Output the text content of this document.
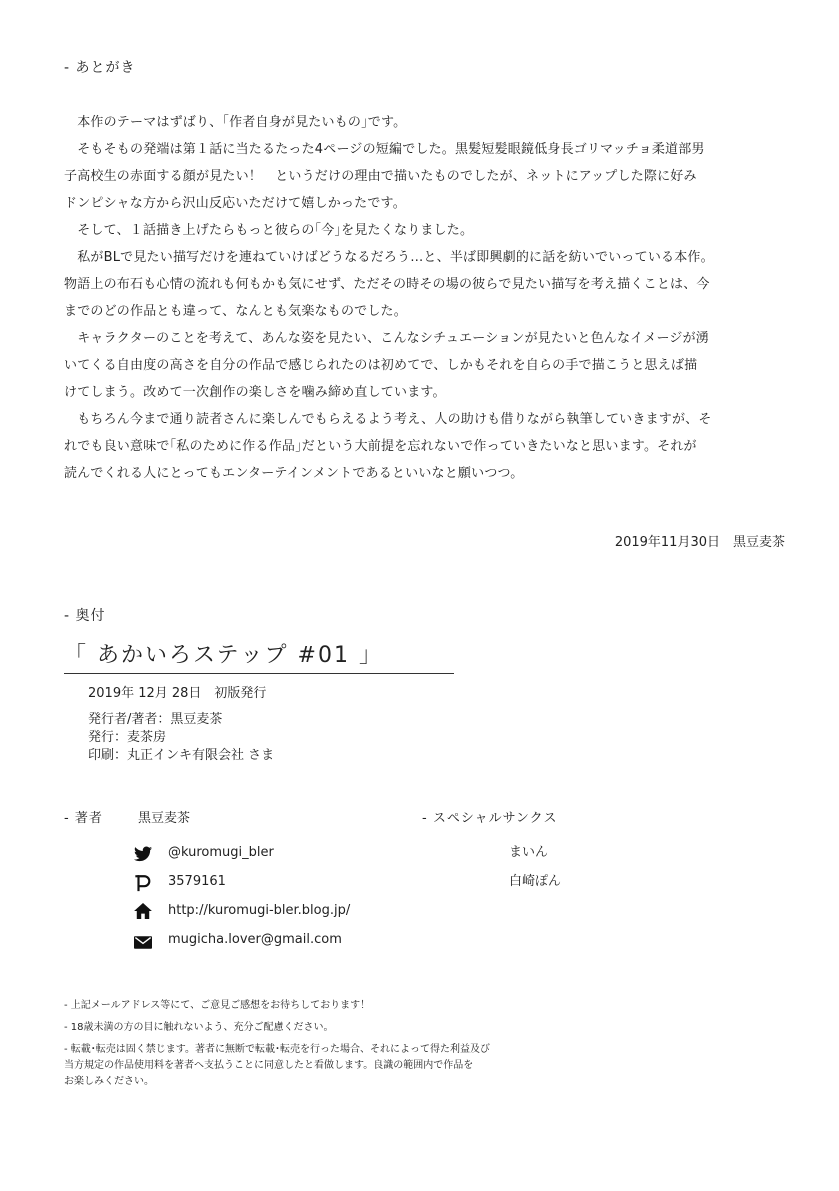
- あとがき
　本作のテーマはずばり、｢作者自身が見たいもの｣です。
　そもそもの発端は第１話に当たるたった4ページの短編でした。黒髪短髪眼鏡低身長ゴリマッチョ柔道部男
子高校生の赤面する顔が見たい！　というだけの理由で描いたものでしたが、ネットにアップした際に好み
ドンピシャな方から沢山反応いただけて嬉しかったです。
　そして、１話描き上げたらもっと彼らの｢今｣を見たくなりました。
　私がBLで見たい描写だけを連ねていけばどうなるだろう…と、半ば即興劇的に話を紡いでいっている本作。
物語上の布石も心情の流れも何もかも気にせず、ただその時その場の彼らで見たい描写を考え描くことは、今
までのどの作品とも違って、なんとも気楽なものでした。
　キャラクターのことを考えて、あんな姿を見たい、こんなシチュエーションが見たいと色んなイメージが湧
いてくる自由度の高さを自分の作品で感じられたのは初めてで、しかもそれを自らの手で描こうと思えば描
けてしまう。改めて一次創作の楽しさを噛み締め直しています。
　もちろん今まで通り読者さんに楽しんでもらえるよう考え、人の助けも借りながら執筆していきますが、そ
れでも良い意味で｢私のために作る作品｣だという大前提を忘れないで作っていきたいなと思います。それが
読んでくれる人にとってもエンターテインメントであるといいなと願いつつ。
2019年11月30日　黒豆麦茶
- 奥付
「 あかいろステップ #01 」
2019年 12月 28日　初版発行
発行者/著者：黒豆麦茶
発行：麦茶房
印刷：丸正インキ有限会社 さま
- 著者	黒豆麦茶
@kuromugi_bler
3579161
http://kuromugi-bler.blog.jp/
mugicha.lover@gmail.com
- スペシャルサンクス
まいん
白崎ぽん
- 上記メールアドレス等にて、ご意見ご感想をお待ちしております！
- 18歳未満の方の目に触れないよう、充分ご配慮ください。
- 転載･転売は固く禁じます。著者に無断で転載･転売を行った場合、それによって得た利益及び
当方規定の作品使用料を著者へ支払うことに同意したと看做します。良識の範囲内で作品を
お楽しみください。
